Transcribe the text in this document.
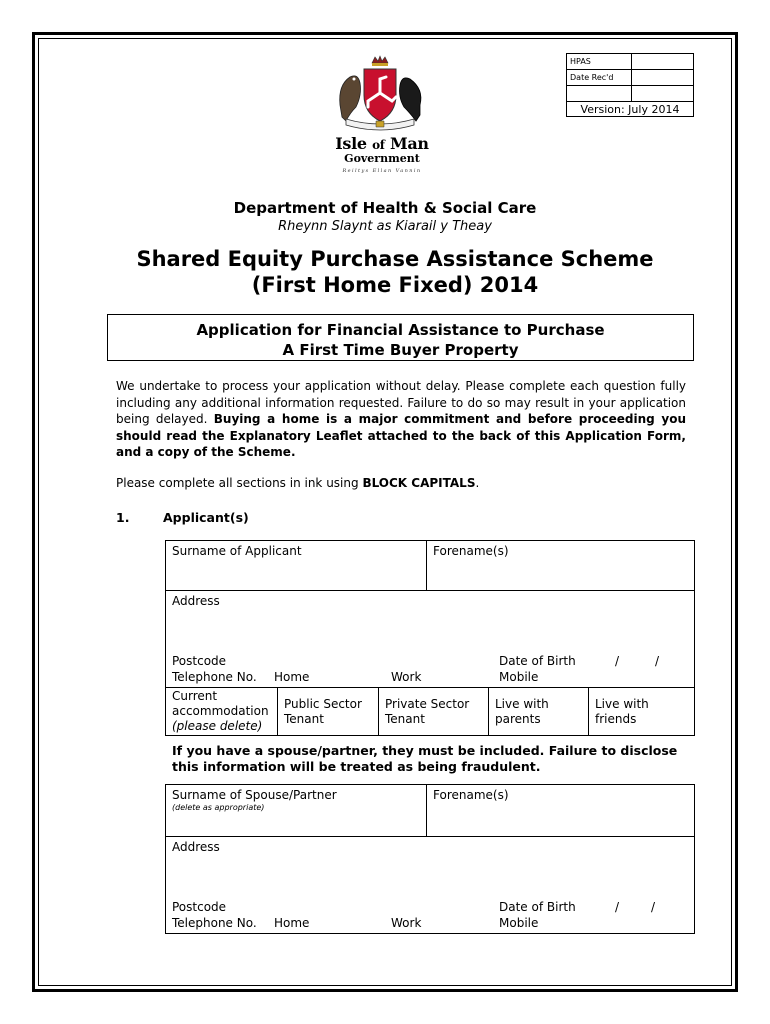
HPAS	
Date Rec'd	

Version: July 2014	
Isle of Man
Government
Reiltys Ellan Vannin
Department of Health & Social Care
Rheynn Slaynt as Kiarail y Theay
Shared Equity Purchase Assistance Scheme
(First Home Fixed) 2014
Application for Financial Assistance to Purchase
A First Time Buyer Property
We undertake to process your application without delay. Please complete each question fully including any additional information requested. Failure to do so may result in your application being delayed. Buying a home is a major commitment and before proceeding you should read the Explanatory Leaflet attached to the back of this Application Form, and a copy of the Scheme.
Please complete all sections in ink using BLOCK CAPITALS.
1.	Applicant(s)
Surname of Applicant	Forename(s)

Address
Postcode	Date of Birth	/	/
Telephone No. Home	Work	Mobile
Current
accommodation
(please delete)

Public Sector
Tenant

Private Sector
Tenant

Live with
parents

Live with
friends
If you have a spouse/partner, they must be included. Failure to disclose this information will be treated as being fraudulent.
Surname of Spouse/Partner
(delete as appropriate)
	Forename(s)

Address
Postcode	Date of Birth	/	/
Telephone No. Home	Work	Mobile
